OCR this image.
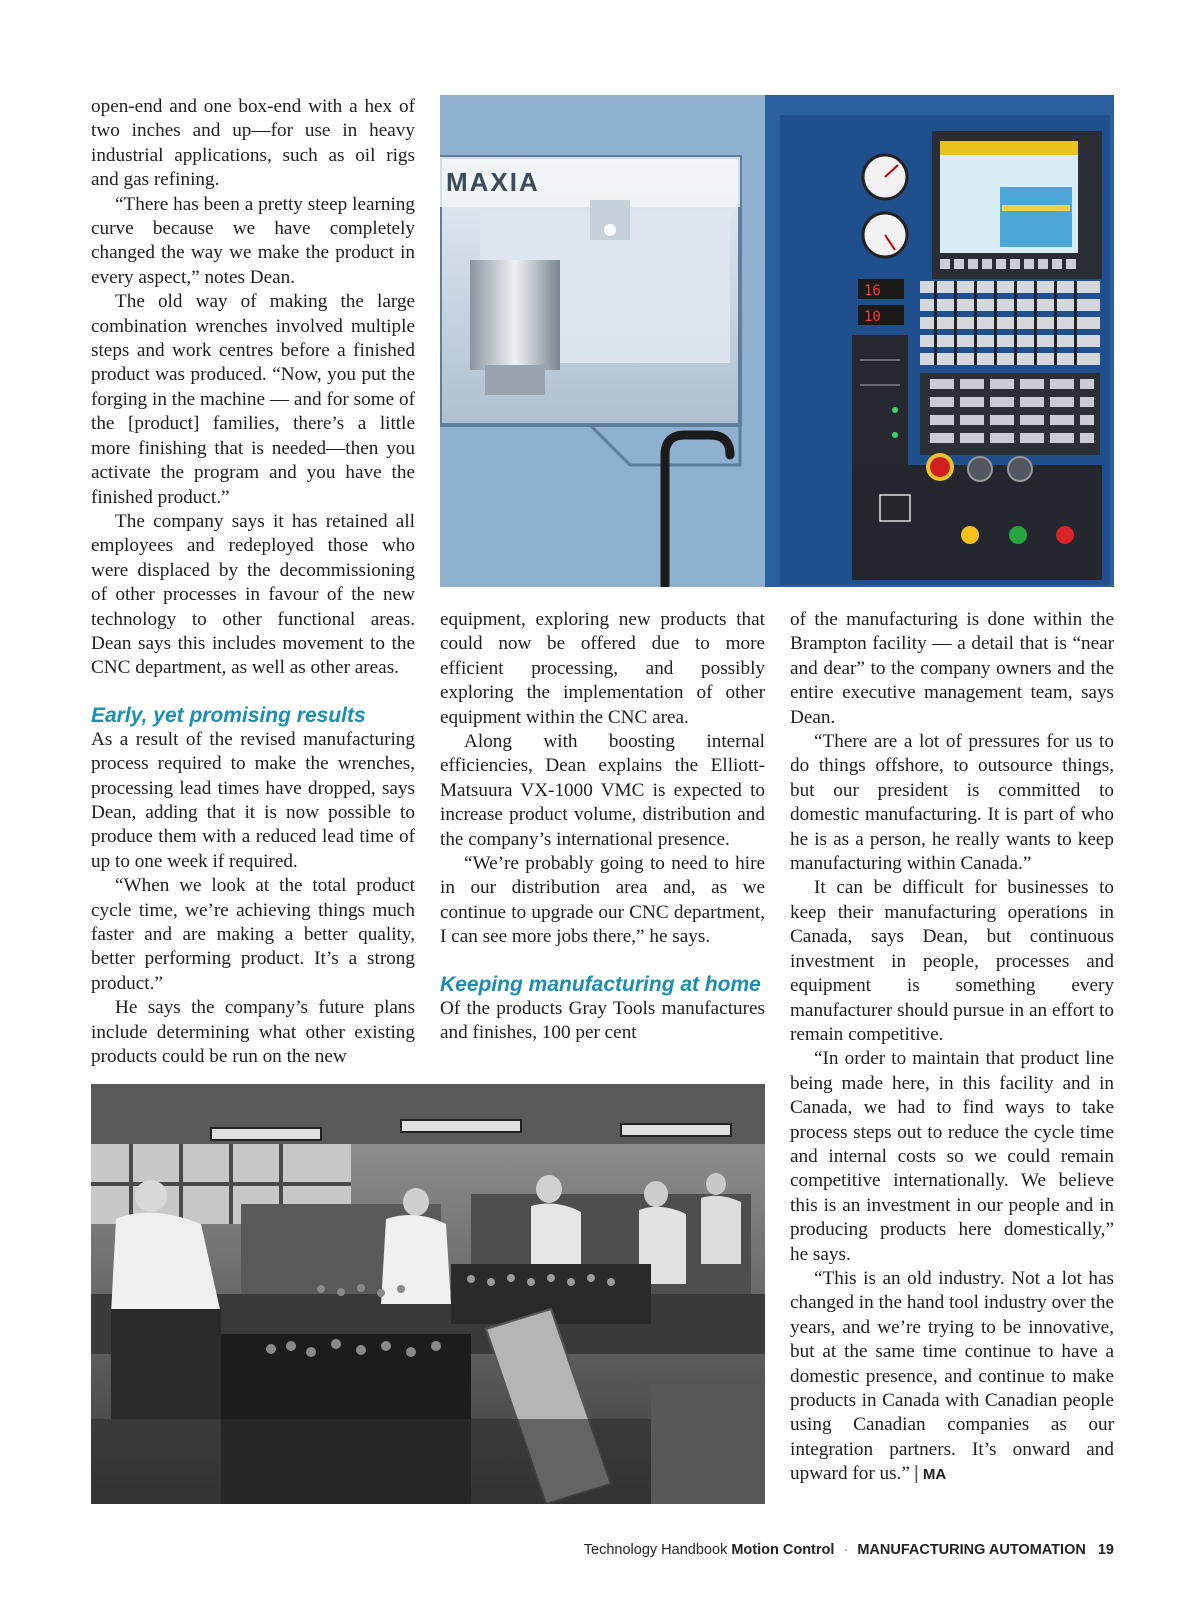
open-end and one box-end with a hex of two inches and up—for use in heavy industrial applications, such as oil rigs and gas refining.

“There has been a pretty steep learning curve because we have completely changed the way we make the product in every aspect,” notes Dean.

The old way of making the large combination wrenches involved multiple steps and work centres before a finished product was produced. “Now, you put the forging in the machine — and for some of the [product] families, there’s a little more finishing that is needed—then you activate the program and you have the finished product.”

The company says it has retained all employees and redeployed those who were displaced by the decommissioning of other processes in favour of the new technology to other functional areas. Dean says this includes movement to the CNC department, as well as other areas.

Early, yet promising results

As a result of the revised manufacturing process required to make the wrenches, processing lead times have dropped, says Dean, adding that it is now possible to produce them with a reduced lead time of up to one week if required.

“When we look at the total product cycle time, we’re achieving things much faster and are making a better quality, better performing product. It’s a strong product.”

He says the company’s future plans include determining what other existing products could be run on the new

MAXIA
16
10

equipment, exploring new products that could now be offered due to more efficient processing, and possibly exploring the implementation of other equipment within the CNC area.

Along with boosting internal efficiencies, Dean explains the Elliott-Matsuura VX-1000 VMC is expected to increase product volume, distribution and the company’s international presence.

“We’re probably going to need to hire in our distribution area and, as we continue to upgrade our CNC department, I can see more jobs there,” he says.

Keeping manufacturing at home

Of the products Gray Tools manufactures and finishes, 100 per cent

of the manufacturing is done within the Brampton facility — a detail that is “near and dear” to the company owners and the entire executive management team, says Dean.

“There are a lot of pressures for us to do things offshore, to outsource things, but our president is committed to domestic manufacturing. It is part of who he is as a person, he really wants to keep manufacturing within Canada.”

It can be difficult for businesses to keep their manufacturing operations in Canada, says Dean, but continuous investment in people, processes and equipment is something every manufacturer should pursue in an effort to remain competitive.

“In order to maintain that product line being made here, in this facility and in Canada, we had to find ways to take process steps out to reduce the cycle time and internal costs so we could remain competitive internationally. We believe this is an investment in our people and in producing products here domestically,” he says.

“This is an old industry. Not a lot has changed in the hand tool industry over the years, and we’re trying to be innovative, but at the same time continue to have a domestic presence, and continue to make products in Canada with Canadian people using Canadian companies as our integration partners. It’s onward and upward for us.” | MA

Technology Handbook Motion Control · MANUFACTURING AUTOMATION 19
